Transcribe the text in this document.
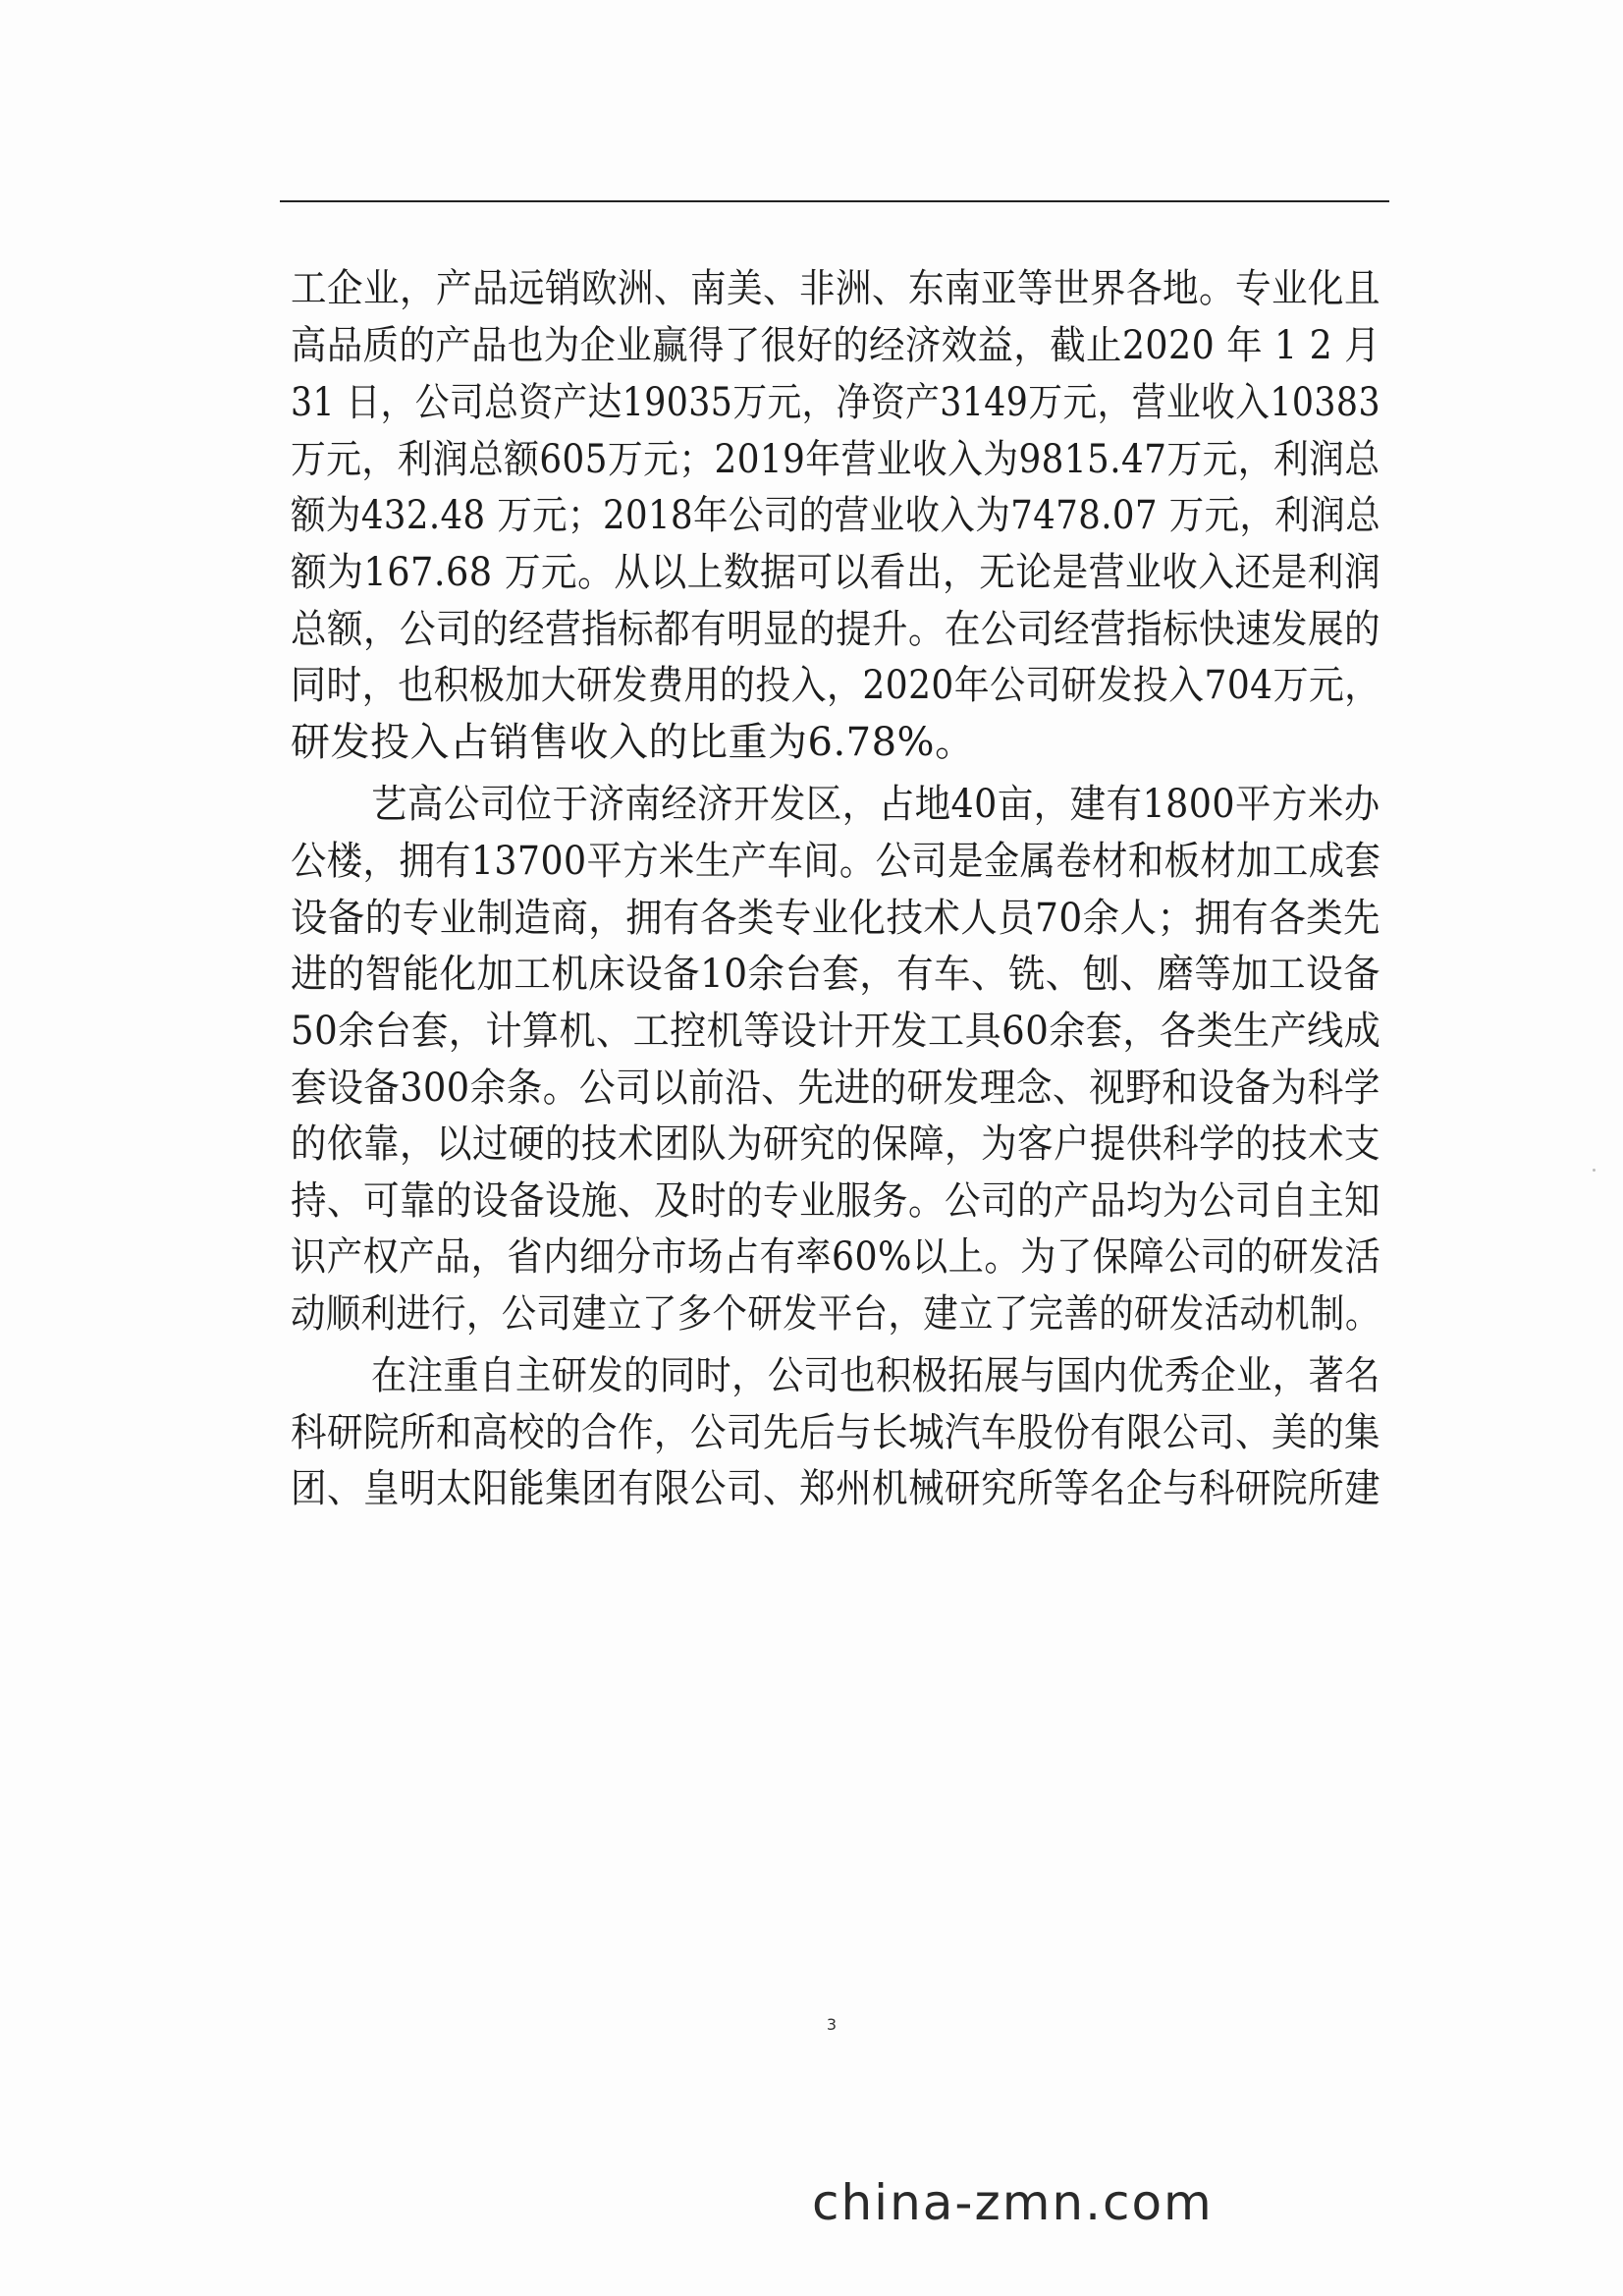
工企业，产品远销欧洲、南美、非洲、东南亚等世界各地。专业化且
高品质的产品也为企业赢得了很好的经济效益，截止2020 年 1 2 月
31 日，公司总资产达19035万元，净资产3149万元，营业收入10383
万元，利润总额605万元；2019年营业收入为9815.47万元，利润总
额为432.48 万元；2018年公司的营业收入为7478.07 万元，利润总
额为167.68 万元。从以上数据可以看出，无论是营业收入还是利润
总额，公司的经营指标都有明显的提升。在公司经营指标快速发展的
同时，也积极加大研发费用的投入，2020年公司研发投入704万元，
研发投入占销售收入的比重为6.78%。
艺高公司位于济南经济开发区，占地40亩，建有1800平方米办
公楼，拥有13700平方米生产车间。公司是金属卷材和板材加工成套
设备的专业制造商，拥有各类专业化技术人员70余人；拥有各类先
进的智能化加工机床设备10余台套，有车、铣、刨、磨等加工设备
50余台套，计算机、工控机等设计开发工具60余套，各类生产线成
套设备300余条。公司以前沿、先进的研发理念、视野和设备为科学
的依靠，以过硬的技术团队为研究的保障，为客户提供科学的技术支
持、可靠的设备设施、及时的专业服务。公司的产品均为公司自主知
识产权产品，省内细分市场占有率60%以上。为了保障公司的研发活
动顺利进行，公司建立了多个研发平台，建立了完善的研发活动机制。
在注重自主研发的同时，公司也积极拓展与国内优秀企业，著名
科研院所和高校的合作，公司先后与长城汽车股份有限公司、美的集
团、皇明太阳能集团有限公司、郑州机械研究所等名企与科研院所建
3
china-zmn.com
